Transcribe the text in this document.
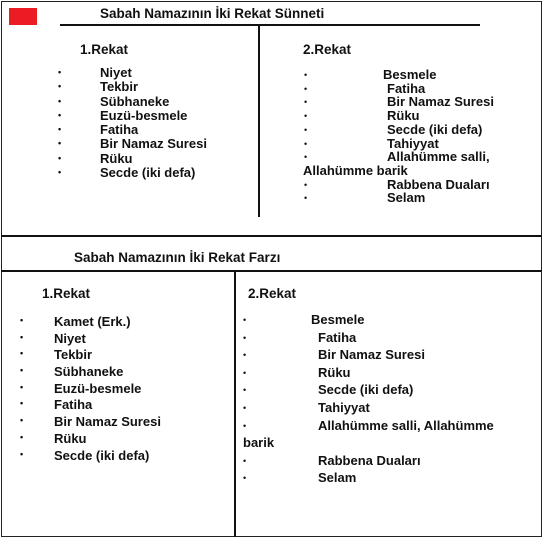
Sabah Namazının İki Rekat Sünneti
1.Rekat
•	Niyet
•	Tekbir
•	Sübhaneke
•	Euzü-besmele
•	Fatiha
•	Bir Namaz Suresi
•	Rüku
•	Secde (iki defa)
2.Rekat
•	Besmele
•	Fatiha
•	Bir Namaz Suresi
•	Rüku
•	Secde (iki defa)
•	Tahiyyat
•	Allahümme salli,
Allahümme barik
•	Rabbena Duaları
•	Selam
Sabah Namazının İki Rekat Farzı
1.Rekat
• Kamet (Erk.)
• Niyet
• Tekbir
• Sübhaneke
• Euzü-besmele
• Fatiha
• Bir Namaz Suresi
• Rüku
• Secde (iki defa)
2.Rekat
•	Besmele
•	Fatiha
•	Bir Namaz Suresi
•	Rüku
•	Secde (iki defa)
•	Tahiyyat
•	Allahümme salli, Allahümme
barik
•	Rabbena Duaları
•	Selam
